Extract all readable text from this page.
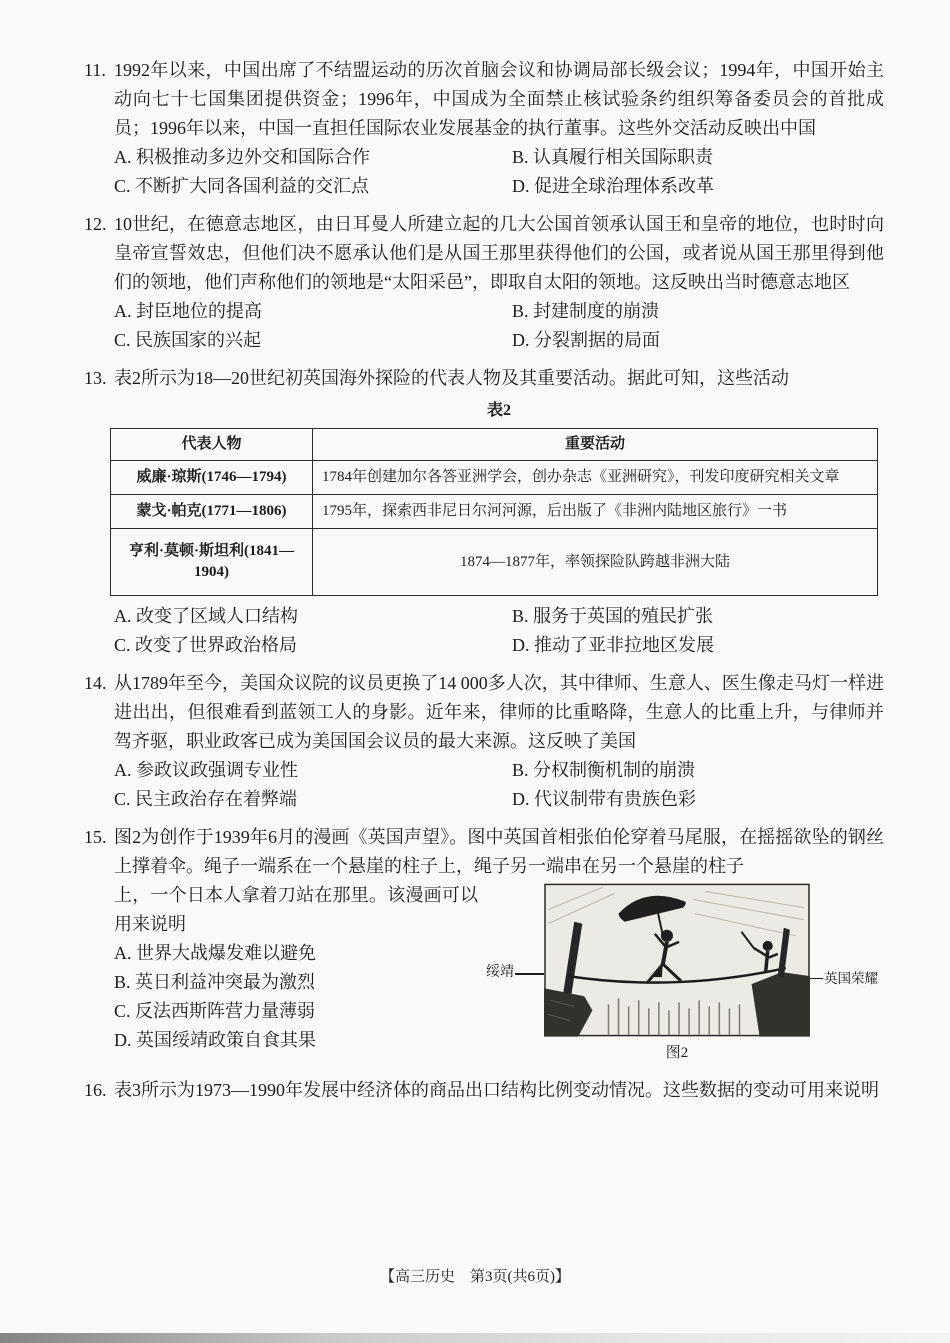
11. 1992年以来，中国出席了不结盟运动的历次首脑会议和协调局部长级会议；1994年，中国开始主动向七十七国集团提供资金；1996年，中国成为全面禁止核试验条约组织筹备委员会的首批成员；1996年以来，中国一直担任国际农业发展基金的执行董事。这些外交活动反映出中国
A. 积极推动多边外交和国际合作	B. 认真履行相关国际职责
C. 不断扩大同各国利益的交汇点	D. 促进全球治理体系改革
12. 10世纪，在德意志地区，由日耳曼人所建立起的几大公国首领承认国王和皇帝的地位，也时时向皇帝宣誓效忠，但他们决不愿承认他们是从国王那里获得他们的公国，或者说从国王那里得到他们的领地，他们声称他们的领地是“太阳采邑”，即取自太阳的领地。这反映出当时德意志地区
A. 封臣地位的提高	B. 封建制度的崩溃
C. 民族国家的兴起	D. 分裂割据的局面
13. 表2所示为18—20世纪初英国海外探险的代表人物及其重要活动。据此可知，这些活动
表2
代表人物	重要活动
威廉·琼斯(1746—1794)	1784年创建加尔各答亚洲学会，创办杂志《亚洲研究》，刊发印度研究相关文章
蒙戈·帕克(1771—1806)	1795年，探索西非尼日尔河河源，后出版了《非洲内陆地区旅行》一书
亨利·莫顿·斯坦利(1841—1904)	1874—1877年，率领探险队跨越非洲大陆
A. 改变了区域人口结构	B. 服务于英国的殖民扩张
C. 改变了世界政治格局	D. 推动了亚非拉地区发展
14. 从1789年至今，美国众议院的议员更换了14 000多人次，其中律师、生意人、医生像走马灯一样进进出出，但很难看到蓝领工人的身影。近年来，律师的比重略降，生意人的比重上升，与律师并驾齐驱，职业政客已成为美国国会议员的最大来源。这反映了美国
A. 参政议政强调专业性	B. 分权制衡机制的崩溃
C. 民主政治存在着弊端	D. 代议制带有贵族色彩
15. 图2为创作于1939年6月的漫画《英国声望》。图中英国首相张伯伦穿着马尾服，在摇摇欲坠的钢丝上撑着伞。绳子一端系在一个悬崖的柱子上，绳子另一端串在另一个悬崖的柱子
绥靖	英国荣耀
图2
上，一个日本人拿着刀站在那里。该漫画可以用来说明
A. 世界大战爆发难以避免
B. 英日利益冲突最为激烈
C. 反法西斯阵营力量薄弱
D. 英国绥靖政策自食其果
16. 表3所示为1973—1990年发展中经济体的商品出口结构比例变动情况。这些数据的变动可用来说明
【高三历史　第3页(共6页)】
